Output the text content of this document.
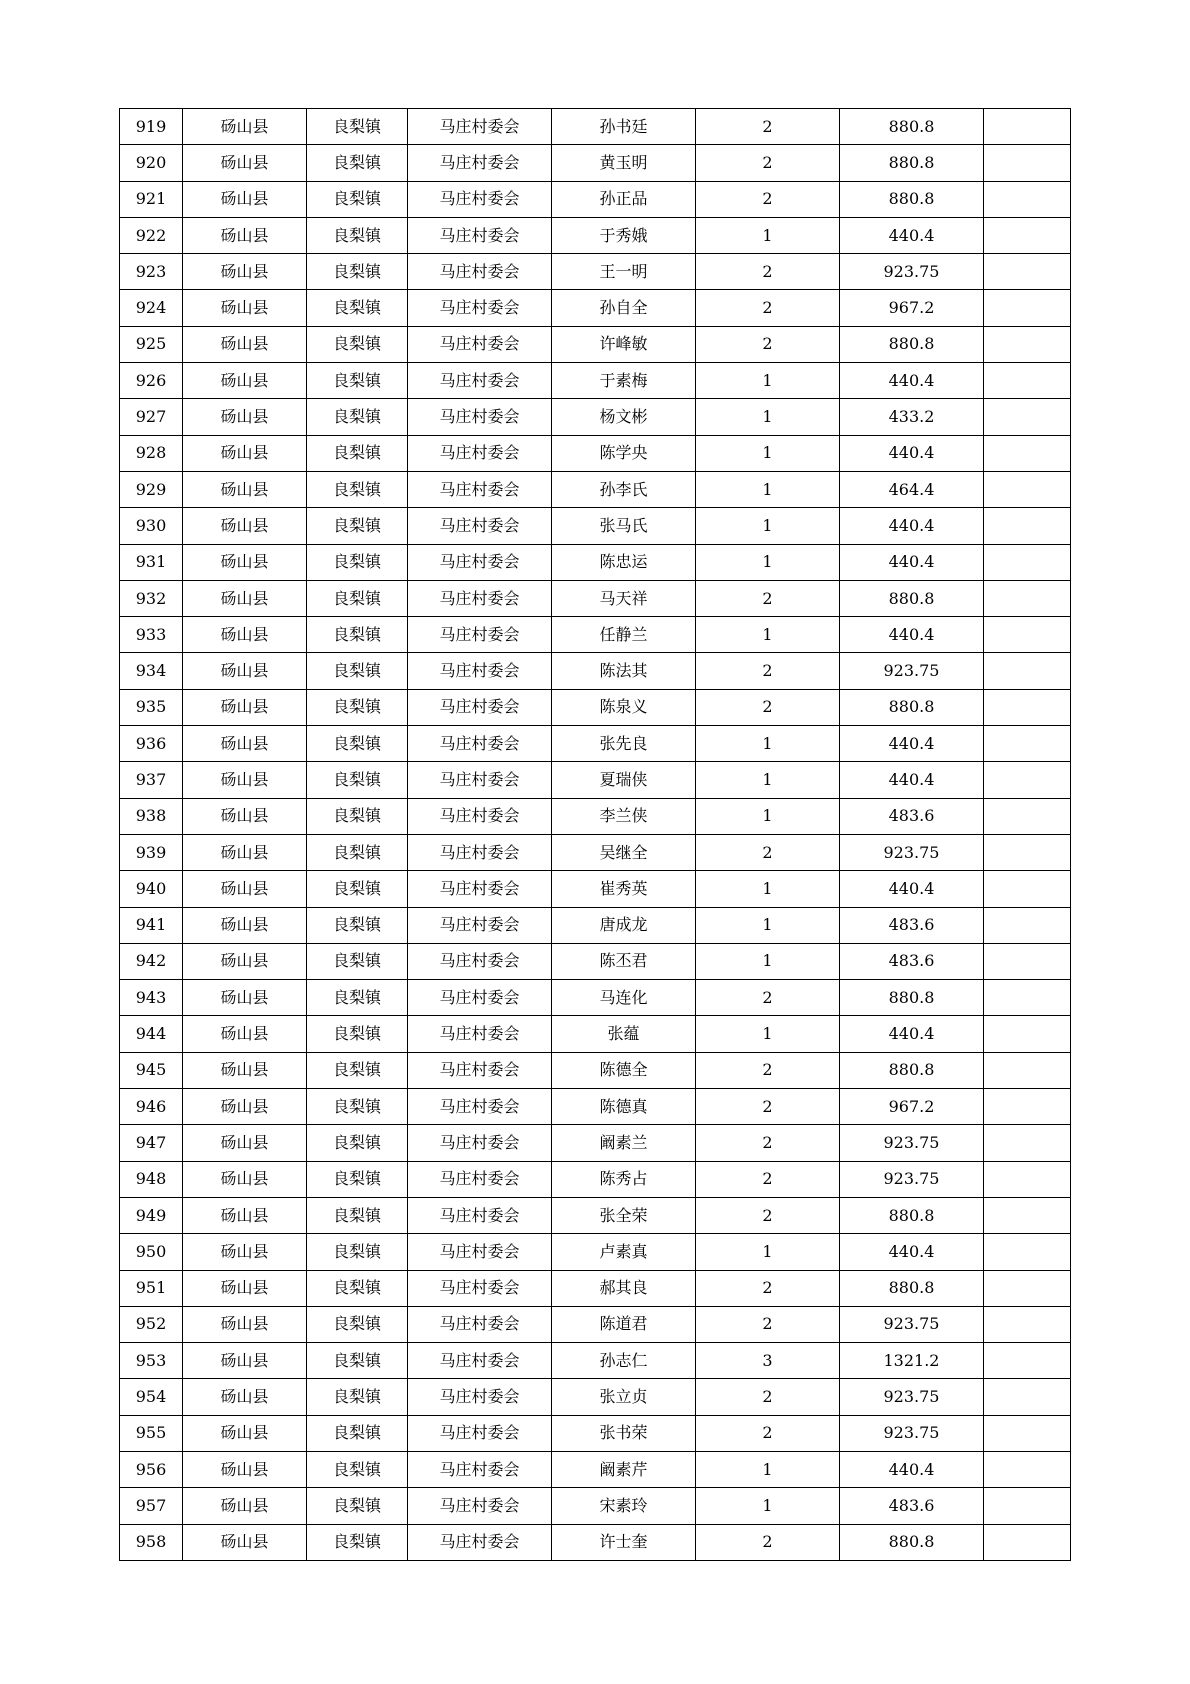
919	砀山县	良梨镇	马庄村委会	孙书廷	2	880.8	
920	砀山县	良梨镇	马庄村委会	黄玉明	2	880.8	
921	砀山县	良梨镇	马庄村委会	孙正品	2	880.8	
922	砀山县	良梨镇	马庄村委会	于秀娥	1	440.4	
923	砀山县	良梨镇	马庄村委会	王一明	2	923.75	
924	砀山县	良梨镇	马庄村委会	孙自全	2	967.2	
925	砀山县	良梨镇	马庄村委会	许峰敏	2	880.8	
926	砀山县	良梨镇	马庄村委会	于素梅	1	440.4	
927	砀山县	良梨镇	马庄村委会	杨文彬	1	433.2	
928	砀山县	良梨镇	马庄村委会	陈学央	1	440.4	
929	砀山县	良梨镇	马庄村委会	孙李氏	1	464.4	
930	砀山县	良梨镇	马庄村委会	张马氏	1	440.4	
931	砀山县	良梨镇	马庄村委会	陈忠运	1	440.4	
932	砀山县	良梨镇	马庄村委会	马天祥	2	880.8	
933	砀山县	良梨镇	马庄村委会	任静兰	1	440.4	
934	砀山县	良梨镇	马庄村委会	陈法其	2	923.75	
935	砀山县	良梨镇	马庄村委会	陈泉义	2	880.8	
936	砀山县	良梨镇	马庄村委会	张先良	1	440.4	
937	砀山县	良梨镇	马庄村委会	夏瑞侠	1	440.4	
938	砀山县	良梨镇	马庄村委会	李兰侠	1	483.6	
939	砀山县	良梨镇	马庄村委会	吴继全	2	923.75	
940	砀山县	良梨镇	马庄村委会	崔秀英	1	440.4	
941	砀山县	良梨镇	马庄村委会	唐成龙	1	483.6	
942	砀山县	良梨镇	马庄村委会	陈丕君	1	483.6	
943	砀山县	良梨镇	马庄村委会	马连化	2	880.8	
944	砀山县	良梨镇	马庄村委会	张蕴	1	440.4	
945	砀山县	良梨镇	马庄村委会	陈德全	2	880.8	
946	砀山县	良梨镇	马庄村委会	陈德真	2	967.2	
947	砀山县	良梨镇	马庄村委会	阚素兰	2	923.75	
948	砀山县	良梨镇	马庄村委会	陈秀占	2	923.75	
949	砀山县	良梨镇	马庄村委会	张全荣	2	880.8	
950	砀山县	良梨镇	马庄村委会	卢素真	1	440.4	
951	砀山县	良梨镇	马庄村委会	郝其良	2	880.8	
952	砀山县	良梨镇	马庄村委会	陈道君	2	923.75	
953	砀山县	良梨镇	马庄村委会	孙志仁	3	1321.2	
954	砀山县	良梨镇	马庄村委会	张立贞	2	923.75	
955	砀山县	良梨镇	马庄村委会	张书荣	2	923.75	
956	砀山县	良梨镇	马庄村委会	阚素芹	1	440.4	
957	砀山县	良梨镇	马庄村委会	宋素玲	1	483.6	
958	砀山县	良梨镇	马庄村委会	许士奎	2	880.8	
